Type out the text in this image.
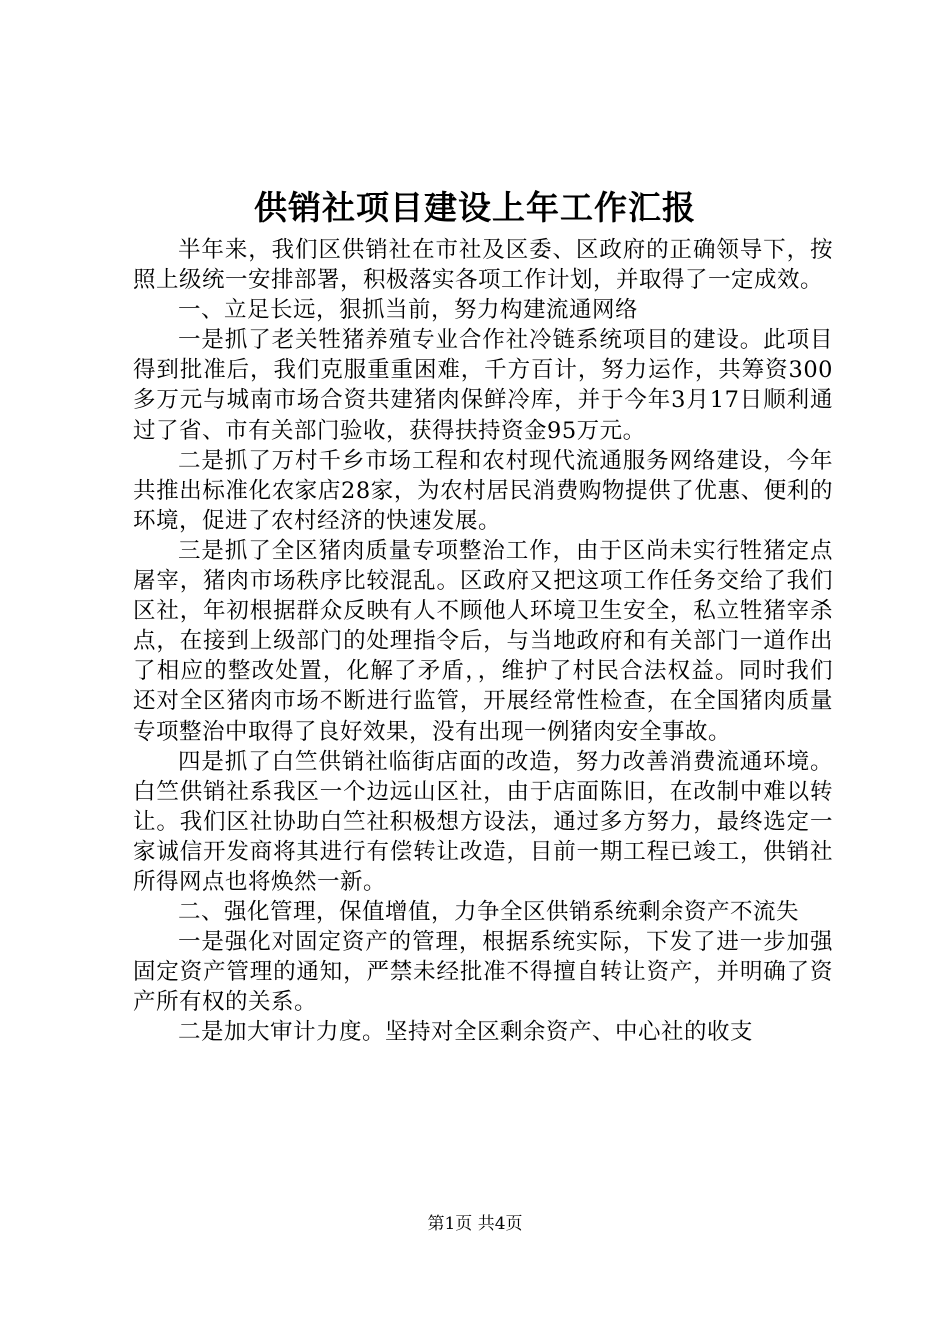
供销社项目建设上年工作汇报

半年来，我们区供销社在市社及区委、区政府的正确领导下，按照上级统一安排部署，积极落实各项工作计划，并取得了一定成效。

一、立足长远，狠抓当前，努力构建流通网络

一是抓了老关牲猪养殖专业合作社冷链系统项目的建设。此项目得到批准后，我们克服重重困难，千方百计，努力运作，共筹资300多万元与城南市场合资共建猪肉保鲜冷库，并于今年3月17日顺利通过了省、市有关部门验收，获得扶持资金95万元。

二是抓了万村千乡市场工程和农村现代流通服务网络建设，今年共推出标准化农家店28家，为农村居民消费购物提供了优惠、便利的环境，促进了农村经济的快速发展。

三是抓了全区猪肉质量专项整治工作，由于区尚未实行牲猪定点屠宰，猪肉市场秩序比较混乱。区政府又把这项工作任务交给了我们区社，年初根据群众反映有人不顾他人环境卫生安全，私立牲猪宰杀点，在接到上级部门的处理指令后，与当地政府和有关部门一道作出了相应的整改处置，化解了矛盾，，维护了村民合法权益。同时我们还对全区猪肉市场不断进行监管，开展经常性检查，在全国猪肉质量专项整治中取得了良好效果，没有出现一例猪肉安全事故。

四是抓了白竺供销社临街店面的改造，努力改善消费流通环境。白竺供销社系我区一个边远山区社，由于店面陈旧，在改制中难以转让。我们区社协助白竺社积极想方设法，通过多方努力，最终选定一家诚信开发商将其进行有偿转让改造，目前一期工程已竣工，供销社所得网点也将焕然一新。

二、强化管理，保值增值，力争全区供销系统剩余资产不流失

一是强化对固定资产的管理，根据系统实际，下发了进一步加强固定资产管理的通知，严禁未经批准不得擅自转让资产，并明确了资产所有权的关系。

二是加大审计力度。坚持对全区剩余资产、中心社的收支

第1页 共4页
